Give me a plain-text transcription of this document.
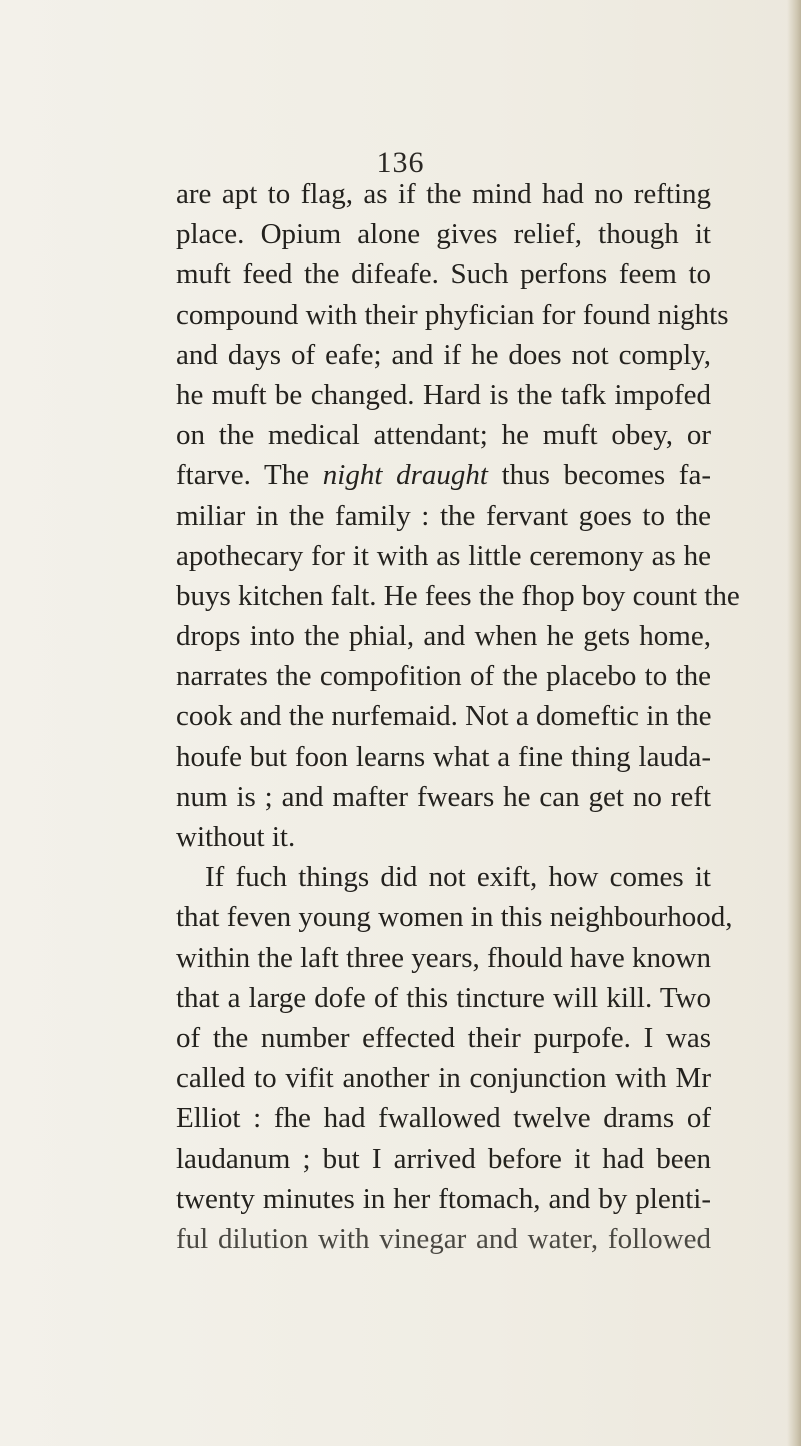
136
are apt to flag, as if the mind had no refting
place. Opium alone gives relief, though it
muft feed the difeafe. Such perfons feem to
compound with their phyfician for found nights
and days of eafe; and if he does not comply,
he muft be changed. Hard is the tafk impofed
on the medical attendant; he muft obey, or
ftarve. The night draught thus becomes fa-
miliar in the family : the fervant goes to the
apothecary for it with as little ceremony as he
buys kitchen falt. He fees the fhop boy count the
drops into the phial, and when he gets home,
narrates the compofition of the placebo to the
cook and the nurfemaid. Not a domeftic in the
houfe but foon learns what a fine thing lauda-
num is ; and mafter fwears he can get no reft
without it.
If fuch things did not exift, how comes it
that feven young women in this neighbourhood,
within the laft three years, fhould have known
that a large dofe of this tincture will kill. Two
of the number effected their purpofe. I was
called to vifit another in conjunction with Mr
Elliot : fhe had fwallowed twelve drams of
laudanum ; but I arrived before it had been
twenty minutes in her ftomach, and by plenti-
ful dilution with vinegar and water, followed
